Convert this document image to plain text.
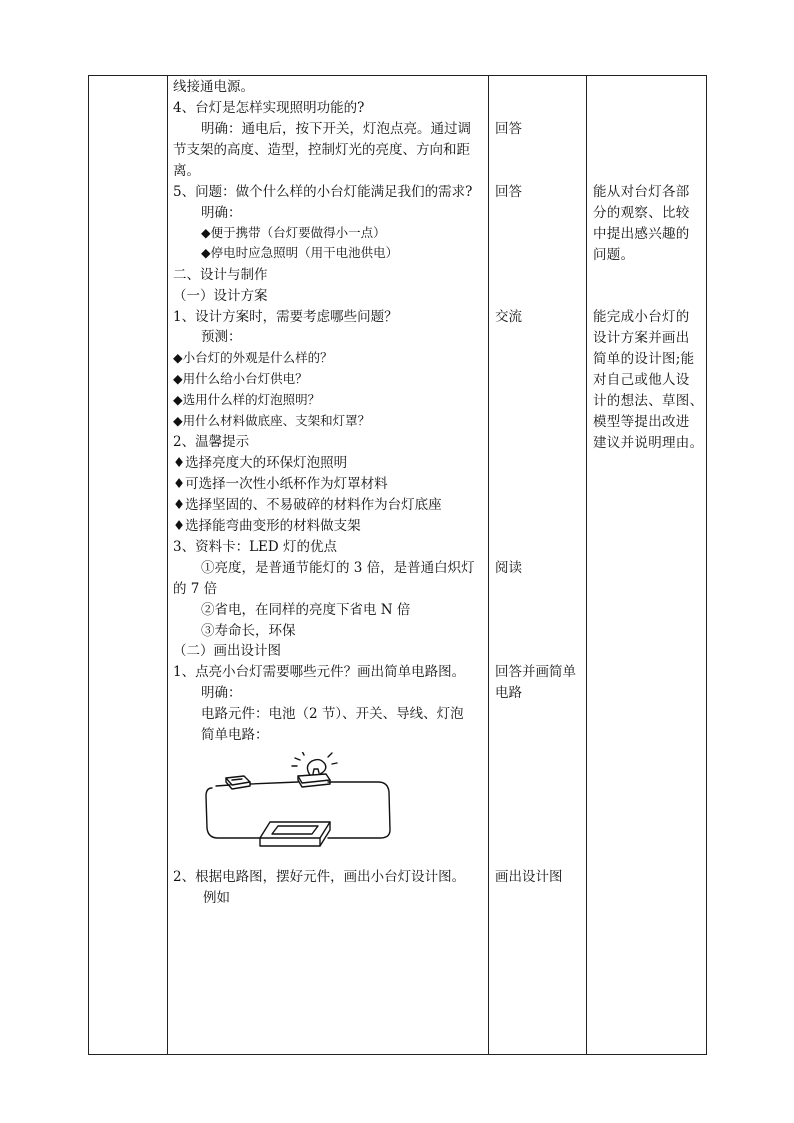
线接通电源。
4、台灯是怎样实现照明功能的?
明确：通电后，按下开关，灯泡点亮。通过调
节支架的高度、造型，控制灯光的亮度、方向和距
离。
5、问题：做个什么样的小台灯能满足我们的需求?
明确：
◆便于携带（台灯要做得小一点）
◆停电时应急照明（用干电池供电）
二、设计与制作
（一）设计方案
1、设计方案时，需要考虑哪些问题？
预测：
◆小台灯的外观是什么样的？
◆用什么给小台灯供电？
◆选用什么样的灯泡照明？
◆用什么材料做底座、支架和灯罩？
2、温馨提示
♦选择亮度大的环保灯泡照明
♦可选择一次性小纸杯作为灯罩材料
♦选择坚固的、不易破碎的材料作为台灯底座
♦选择能弯曲变形的材料做支架
3、资料卡：LED 灯的优点
①亮度，是普通节能灯的 3 倍，是普通白炽灯
的 7 倍
②省电，在同样的亮度下省电 N 倍
③寿命长，环保
（二）画出设计图
1、点亮小台灯需要哪些元件？画出简单电路图。
明确：
电路元件：电池（2 节）、开关、导线、灯泡
简单电路：
2、根据电路图，摆好元件，画出小台灯设计图。
例如
回答
回答
交流
阅读
回答并画简单
电路
画出设计图
能从对台灯各部
分的观察、比较
中提出感兴趣的
问题。
能完成小台灯的
设计方案并画出
简单的设计图;能
对自己或他人设
计的想法、草图、
模型等提出改进
建议并说明理由。
